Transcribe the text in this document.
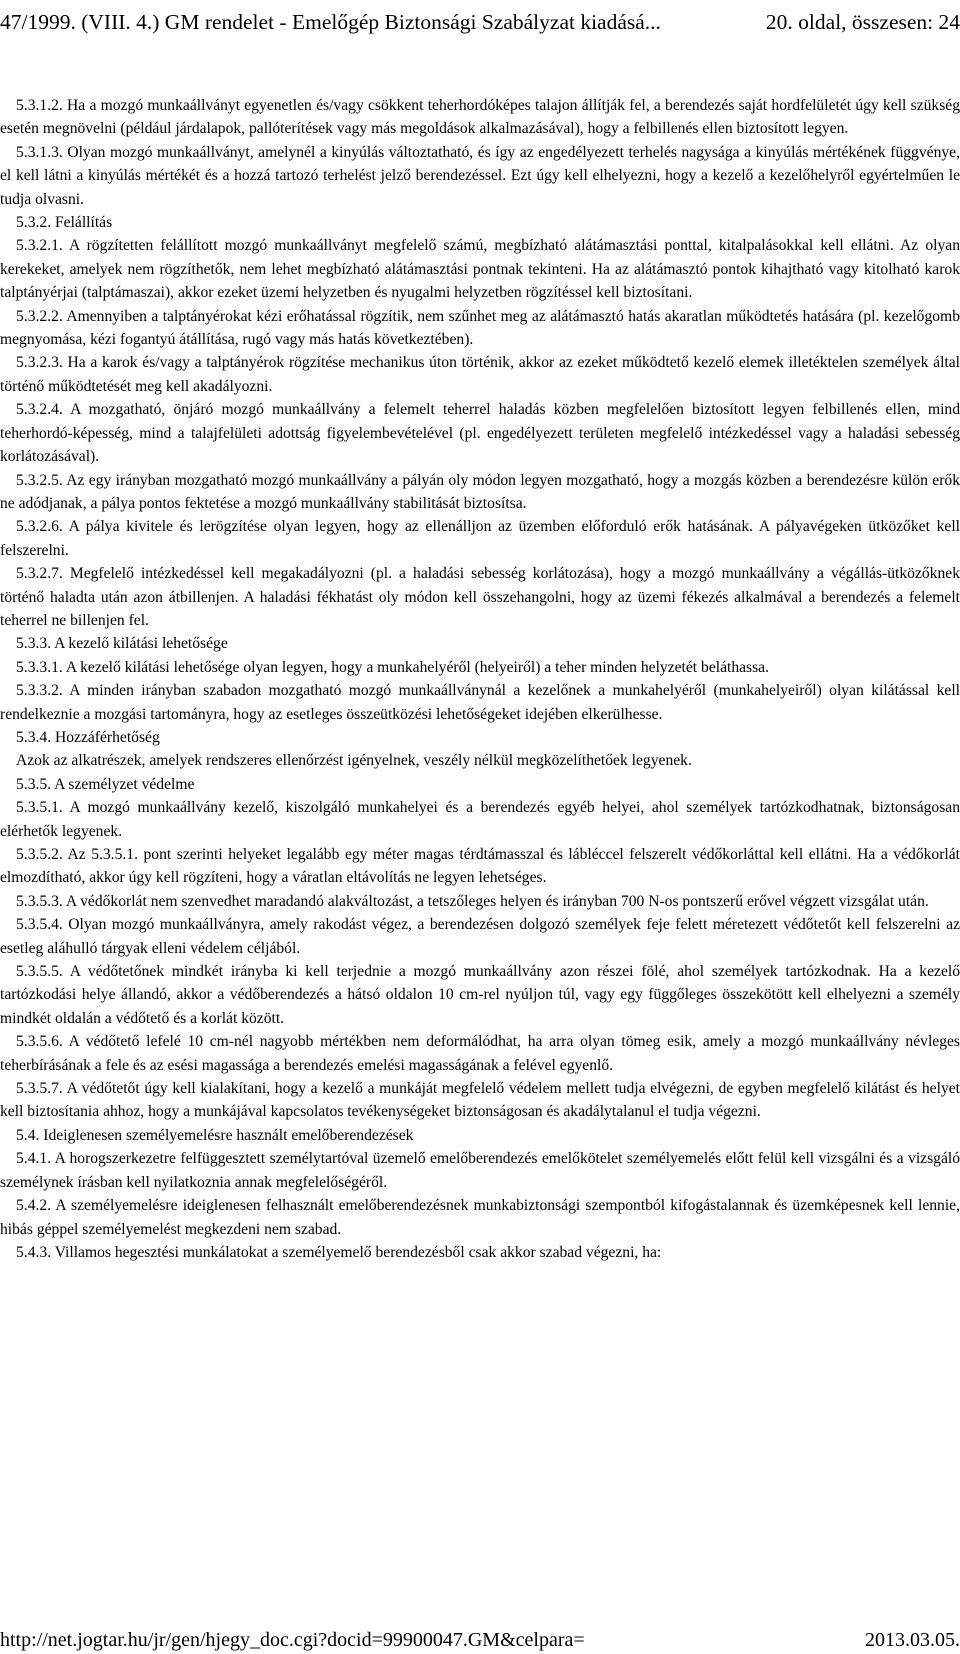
47/1999. (VIII. 4.) GM rendelet - Emelőgép Biztonsági Szabályzat kiadásá...	20. oldal, összesen: 24

5.3.1.2. Ha a mozgó munkaállványt egyenetlen és/vagy csökkent teherhordóképes talajon állítják fel, a berendezés saját hordfelületét úgy kell szükség esetén megnövelni (például járdalapok, pallóterítések vagy más megoldások alkalmazásával), hogy a felbillenés ellen biztosított legyen.

5.3.1.3. Olyan mozgó munkaállványt, amelynél a kinyúlás változtatható, és így az engedélyezett terhelés nagysága a kinyúlás mértékének függvénye, el kell látni a kinyúlás mértékét és a hozzá tartozó terhelést jelző berendezéssel. Ezt úgy kell elhelyezni, hogy a kezelő a kezelőhelyről egyértelműen le tudja olvasni.

5.3.2. Felállítás

5.3.2.1. A rögzítetten felállított mozgó munkaállványt megfelelő számú, megbízható alátámasztási ponttal, kitalpalásokkal kell ellátni. Az olyan kerekeket, amelyek nem rögzíthetők, nem lehet megbízható alátámasztási pontnak tekinteni. Ha az alátámasztó pontok kihajtható vagy kitolható karok talptányérjai (talptámaszai), akkor ezeket üzemi helyzetben és nyugalmi helyzetben rögzítéssel kell biztosítani.

5.3.2.2. Amennyiben a talptányérokat kézi erőhatással rögzítik, nem szűnhet meg az alátámasztó hatás akaratlan működtetés hatására (pl. kezelőgomb megnyomása, kézi fogantyú átállítása, rugó vagy más hatás következtében).

5.3.2.3. Ha a karok és/vagy a talptányérok rögzítése mechanikus úton történik, akkor az ezeket működtető kezelő elemek illetéktelen személyek által történő működtetését meg kell akadályozni.

5.3.2.4. A mozgatható, önjáró mozgó munkaállvány a felemelt teherrel haladás közben megfelelően biztosított legyen felbillenés ellen, mind teherhordó-képesség, mind a talajfelületi adottság figyelembevételével (pl. engedélyezett területen megfelelő intézkedéssel vagy a haladási sebesség korlátozásával).

5.3.2.5. Az egy irányban mozgatható mozgó munkaállvány a pályán oly módon legyen mozgatható, hogy a mozgás közben a berendezésre külön erők ne adódjanak, a pálya pontos fektetése a mozgó munkaállvány stabilitását biztosítsa.

5.3.2.6. A pálya kivitele és lerögzítése olyan legyen, hogy az ellenálljon az üzemben előforduló erők hatásának. A pályavégeken ütközőket kell felszerelni.

5.3.2.7. Megfelelő intézkedéssel kell megakadályozni (pl. a haladási sebesség korlátozása), hogy a mozgó munkaállvány a végállás-ütközőknek történő haladta után azon átbillenjen. A haladási fékhatást oly módon kell összehangolni, hogy az üzemi fékezés alkalmával a berendezés a felemelt teherrel ne billenjen fel.

5.3.3. A kezelő kilátási lehetősége

5.3.3.1. A kezelő kilátási lehetősége olyan legyen, hogy a munkahelyéről (helyeiről) a teher minden helyzetét beláthassa.

5.3.3.2. A minden irányban szabadon mozgatható mozgó munkaállványnál a kezelőnek a munkahelyéről (munkahelyeiről) olyan kilátással kell rendelkeznie a mozgási tartományra, hogy az esetleges összeütközési lehetőségeket idejében elkerülhesse.

5.3.4. Hozzáférhetőség

Azok az alkatrészek, amelyek rendszeres ellenőrzést igényelnek, veszély nélkül megközelíthetőek legyenek.

5.3.5. A személyzet védelme

5.3.5.1. A mozgó munkaállvány kezelő, kiszolgáló munkahelyei és a berendezés egyéb helyei, ahol személyek tartózkodhatnak, biztonságosan elérhetők legyenek.

5.3.5.2. Az 5.3.5.1. pont szerinti helyeket legalább egy méter magas térdtámasszal és lábléccel felszerelt védőkorláttal kell ellátni. Ha a védőkorlát elmozdítható, akkor úgy kell rögzíteni, hogy a váratlan eltávolítás ne legyen lehetséges.

5.3.5.3. A védőkorlát nem szenvedhet maradandó alakváltozást, a tetszőleges helyen és irányban 700 N-os pontszerű erővel végzett vizsgálat után.

5.3.5.4. Olyan mozgó munkaállványra, amely rakodást végez, a berendezésen dolgozó személyek feje felett méretezett védőtetőt kell felszerelni az esetleg aláhulló tárgyak elleni védelem céljából.

5.3.5.5. A védőtetőnek mindkét irányba ki kell terjednie a mozgó munkaállvány azon részei fölé, ahol személyek tartózkodnak. Ha a kezelő tartózkodási helye állandó, akkor a védőberendezés a hátsó oldalon 10 cm-rel nyúljon túl, vagy egy függőleges összekötött kell elhelyezni a személy mindkét oldalán a védőtető és a korlát között.

5.3.5.6. A védőtető lefelé 10 cm-nél nagyobb mértékben nem deformálódhat, ha arra olyan tömeg esik, amely a mozgó munkaállvány névleges teherbírásának a fele és az esési magassága a berendezés emelési magasságának a felével egyenlő.

5.3.5.7. A védőtetőt úgy kell kialakítani, hogy a kezelő a munkáját megfelelő védelem mellett tudja elvégezni, de egyben megfelelő kilátást és helyet kell biztosítania ahhoz, hogy a munkájával kapcsolatos tevékenységeket biztonságosan és akadálytalanul el tudja végezni.

5.4. Ideiglenesen személyemelésre használt emelőberendezések

5.4.1. A horogszerkezetre felfüggesztett személytartóval üzemelő emelőberendezés emelőkötelet személyemelés előtt felül kell vizsgálni és a vizsgáló személynek írásban kell nyilatkoznia annak megfelelőségéről.

5.4.2. A személyemelésre ideiglenesen felhasznált emelőberendezésnek munkabiztonsági szempontból kifogástalannak és üzemképesnek kell lennie, hibás géppel személyemelést megkezdeni nem szabad.

5.4.3. Villamos hegesztési munkálatokat a személyemelő berendezésből csak akkor szabad végezni, ha:

http://net.jogtar.hu/jr/gen/hjegy_doc.cgi?docid=99900047.GM&celpara=	2013.03.05.
